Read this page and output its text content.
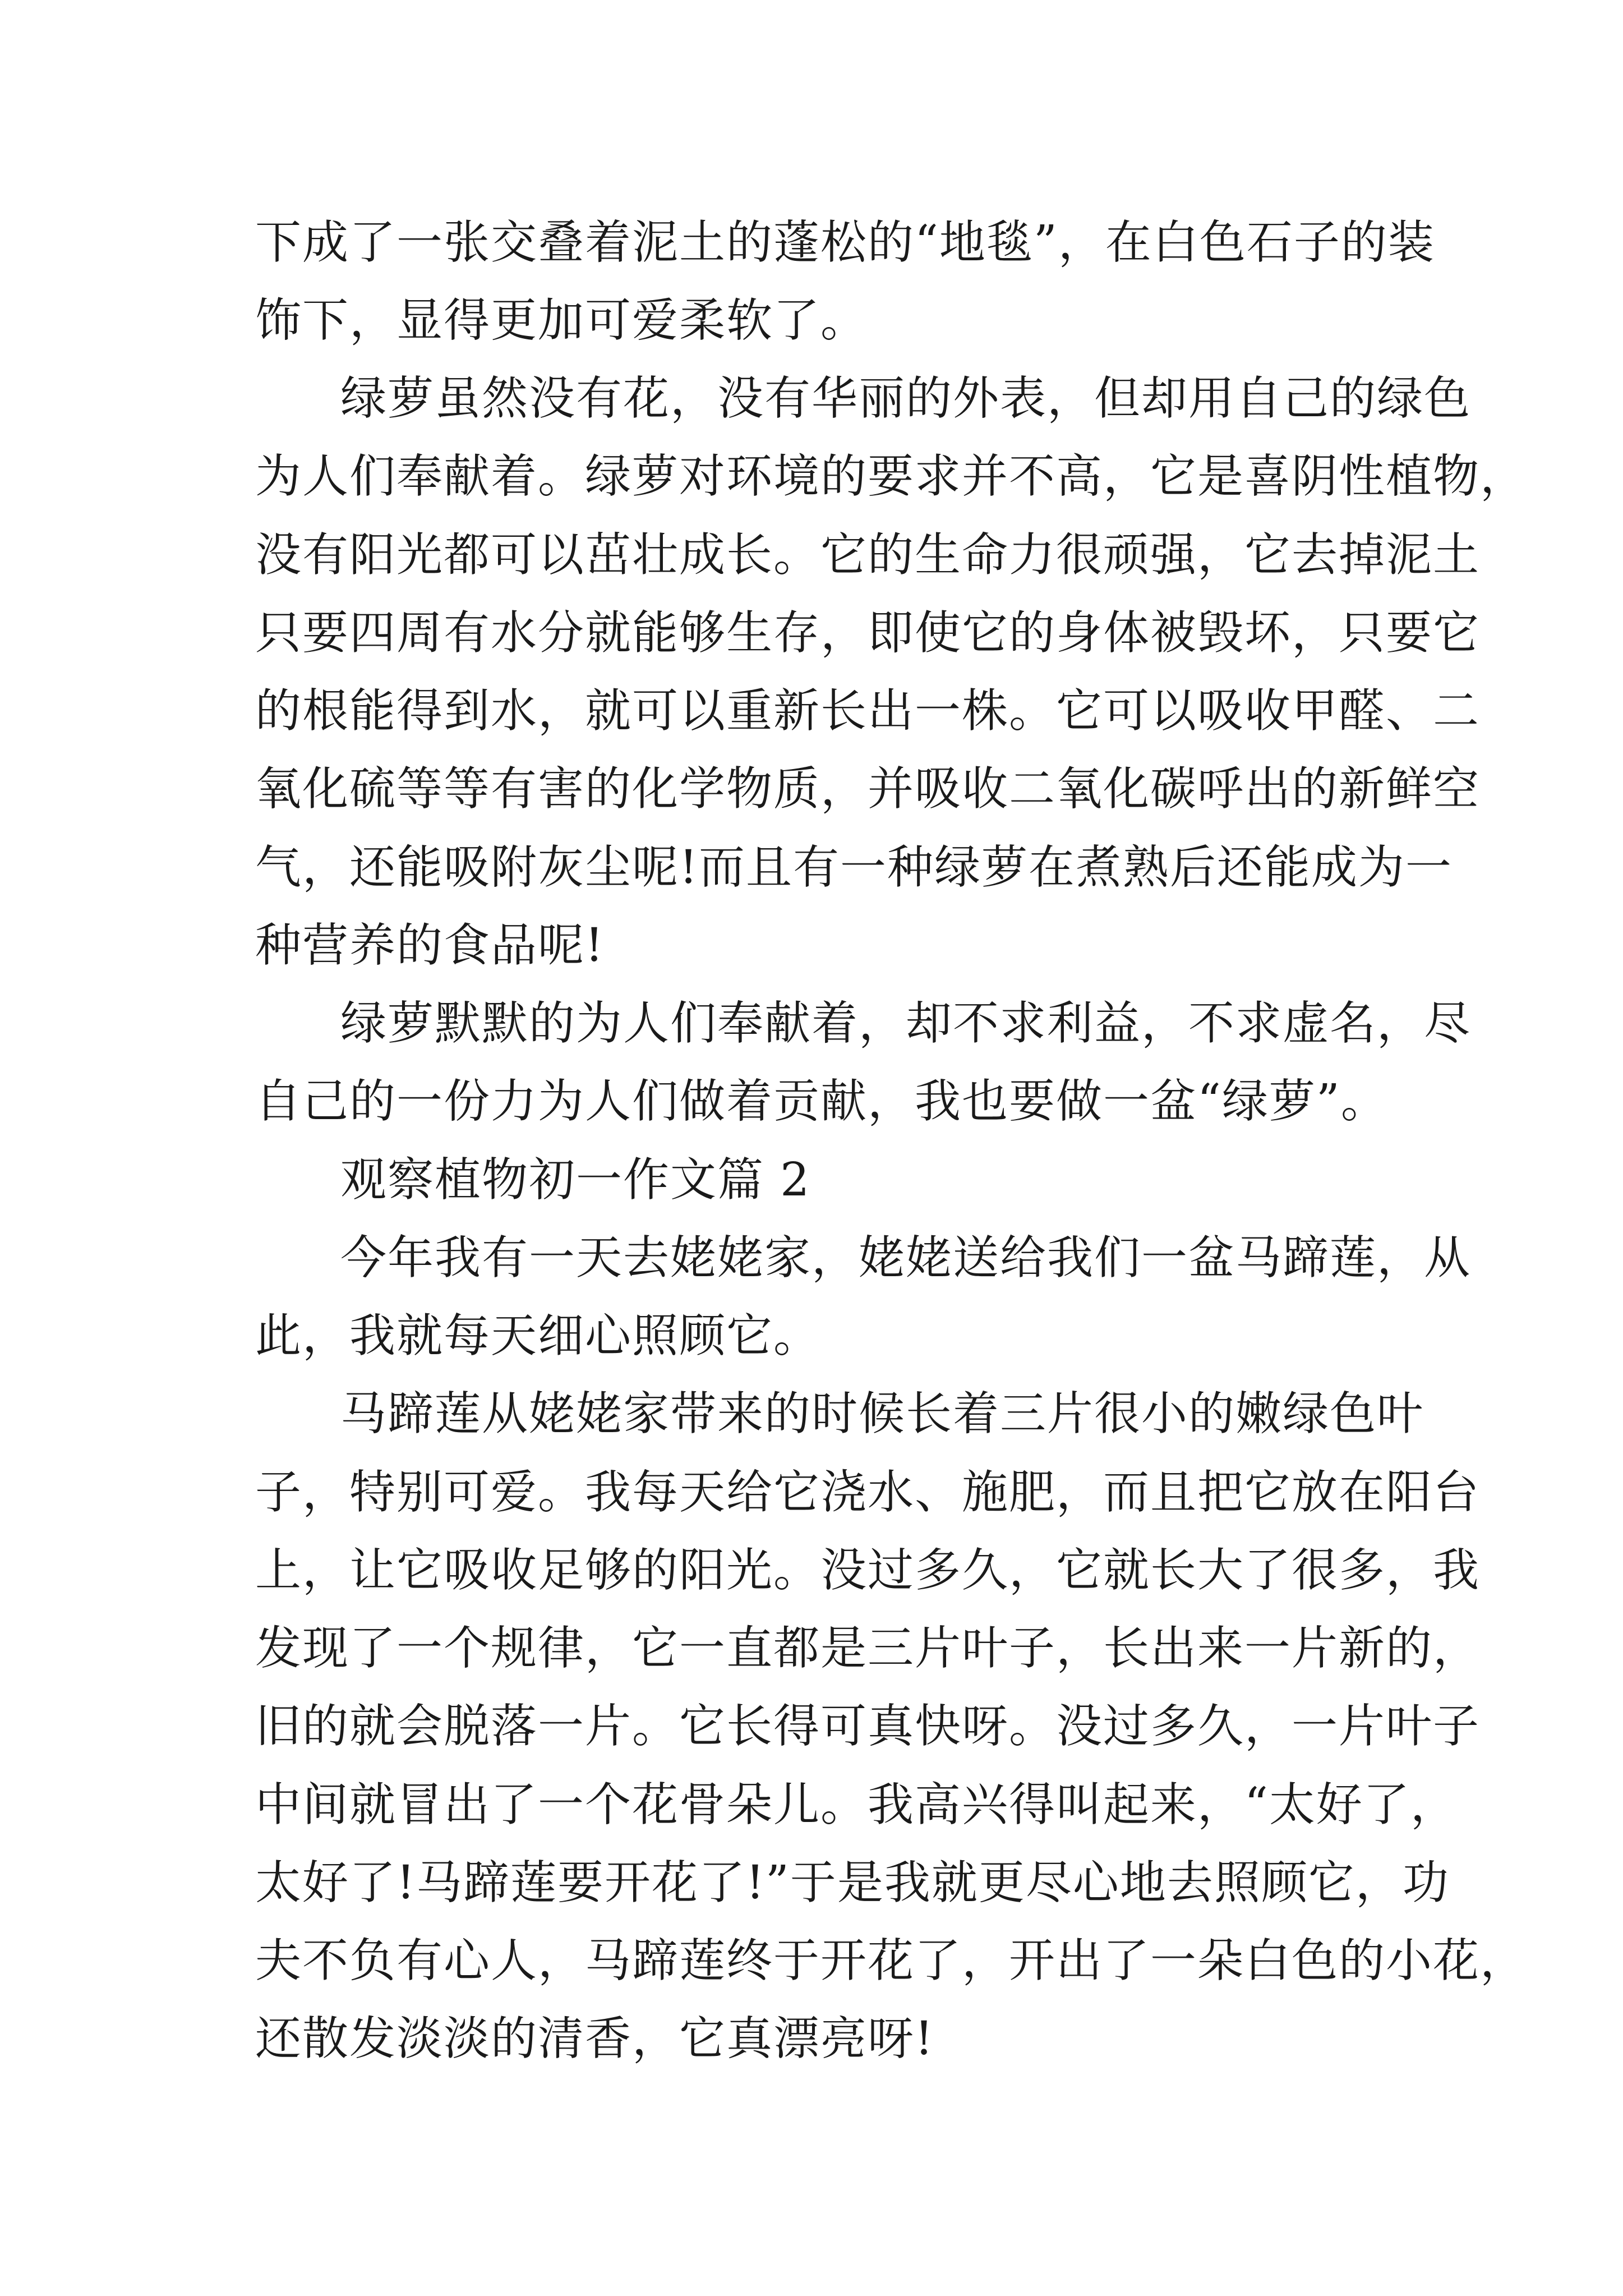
下成了一张交叠着泥土的蓬松的“地毯”，在白色石子的装
饰下，显得更加可爱柔软了。
绿萝虽然没有花，没有华丽的外表，但却用自己的绿色
为人们奉献着。绿萝对环境的要求并不高，它是喜阴性植物，
没有阳光都可以茁壮成长。它的生命力很顽强，它去掉泥土
只要四周有水分就能够生存，即使它的身体被毁坏，只要它
的根能得到水，就可以重新长出一株。它可以吸收甲醛、二
氧化硫等等有害的化学物质，并吸收二氧化碳呼出的新鲜空
气，还能吸附灰尘呢!而且有一种绿萝在煮熟后还能成为一
种营养的食品呢!
绿萝默默的为人们奉献着，却不求利益，不求虚名，尽
自己的一份力为人们做着贡献，我也要做一盆“绿萝”。
观察植物初一作文篇 2
今年我有一天去姥姥家，姥姥送给我们一盆马蹄莲，从
此，我就每天细心照顾它。
马蹄莲从姥姥家带来的时候长着三片很小的嫩绿色叶
子，特别可爱。我每天给它浇水、施肥，而且把它放在阳台
上，让它吸收足够的阳光。没过多久，它就长大了很多，我
发现了一个规律，它一直都是三片叶子，长出来一片新的，
旧的就会脱落一片。它长得可真快呀。没过多久，一片叶子
中间就冒出了一个花骨朵儿。我高兴得叫起来，“太好了，
太好了!马蹄莲要开花了!”于是我就更尽心地去照顾它，功
夫不负有心人，马蹄莲终于开花了，开出了一朵白色的小花，
还散发淡淡的清香，它真漂亮呀!
